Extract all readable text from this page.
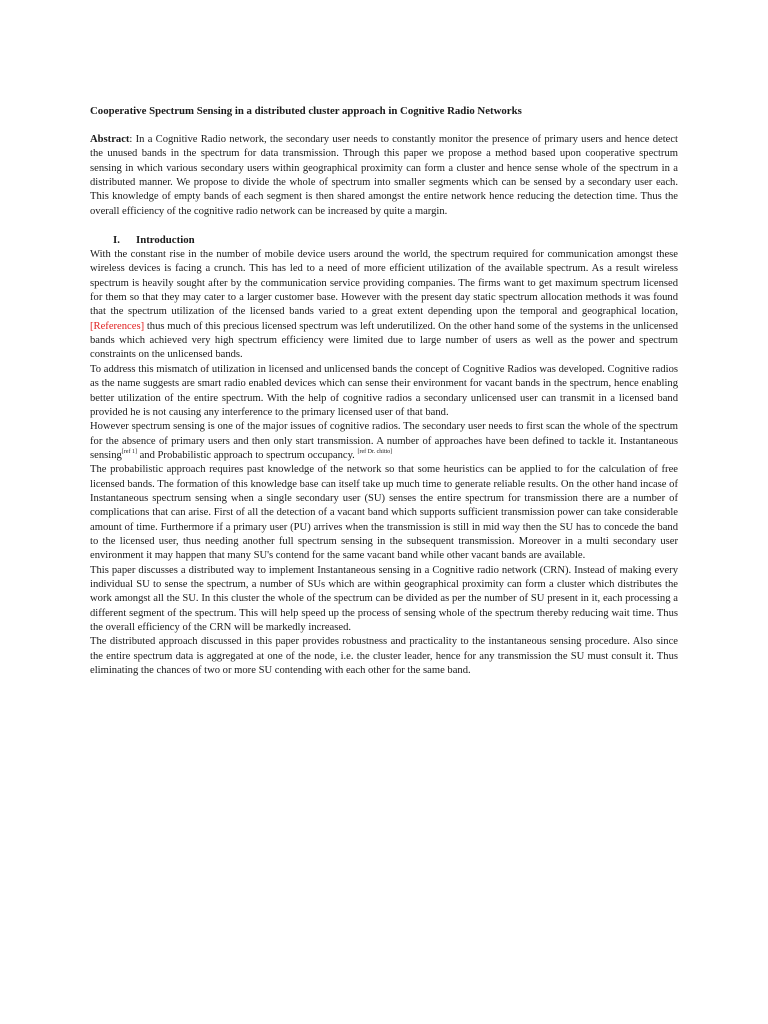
Cooperative Spectrum Sensing in a distributed cluster approach in Cognitive Radio Networks

Abstract: In a Cognitive Radio network, the secondary user needs to constantly monitor the presence of primary users and hence detect the unused bands in the spectrum for data transmission. Through this paper we propose a method based upon cooperative spectrum sensing in which various secondary users within geographical proximity can form a cluster and hence sense whole of the spectrum in a distributed manner. We propose to divide the whole of spectrum into smaller segments which can be sensed by a secondary user each. This knowledge of empty bands of each segment is then shared amongst the entire network hence reducing the detection time. Thus the overall efficiency of the cognitive radio network can be increased by quite a margin.

I. Introduction

With the constant rise in the number of mobile device users around the world, the spectrum required for communication amongst these wireless devices is facing a crunch. This has led to a need of more efficient utilization of the available spectrum. As a result wireless spectrum is heavily sought after by the communication service providing companies. The firms want to get maximum spectrum licensed for them so that they may cater to a larger customer base. However with the present day static spectrum allocation methods it was found that the spectrum utilization of the licensed bands varied to a great extent depending upon the temporal and geographical location, [References] thus much of this precious licensed spectrum was left underutilized. On the other hand some of the systems in the unlicensed bands which achieved very high spectrum efficiency were limited due to large number of users as well as the power and spectrum constraints on the unlicensed bands.

To address this mismatch of utilization in licensed and unlicensed bands the concept of Cognitive Radios was developed. Cognitive radios as the name suggests are smart radio enabled devices which can sense their environment for vacant bands in the spectrum, hence enabling better utilization of the entire spectrum. With the help of cognitive radios a secondary unlicensed user can transmit in a licensed band provided he is not causing any interference to the primary licensed user of that band.

However spectrum sensing is one of the major issues of cognitive radios. The secondary user needs to first scan the whole of the spectrum for the absence of primary users and then only start transmission. A number of approaches have been defined to tackle it. Instantaneous sensing[ref 1] and Probabilistic approach to spectrum occupancy. [ref Dr. chitto]

The probabilistic approach requires past knowledge of the network so that some heuristics can be applied to for the calculation of free licensed bands. The formation of this knowledge base can itself take up much time to generate reliable results. On the other hand incase of Instantaneous spectrum sensing when a single secondary user (SU) senses the entire spectrum for transmission there are a number of complications that can arise. First of all the detection of a vacant band which supports sufficient transmission power can take considerable amount of time. Furthermore if a primary user (PU) arrives when the transmission is still in mid way then the SU has to concede the band to the licensed user, thus needing another full spectrum sensing in the subsequent transmission. Moreover in a multi secondary user environment it may happen that many SU's contend for the same vacant band while other vacant bands are available.

This paper discusses a distributed way to implement Instantaneous sensing in a Cognitive radio network (CRN). Instead of making every individual SU to sense the spectrum, a number of SUs which are within geographical proximity can form a cluster which distributes the work amongst all the SU. In this cluster the whole of the spectrum can be divided as per the number of SU present in it, each processing a different segment of the spectrum. This will help speed up the process of sensing whole of the spectrum thereby reducing wait time. Thus the overall efficiency of the CRN will be markedly increased.

The distributed approach discussed in this paper provides robustness and practicality to the instantaneous sensing procedure. Also since the entire spectrum data is aggregated at one of the node, i.e. the cluster leader, hence for any transmission the SU must consult it. Thus eliminating the chances of two or more SU contending with each other for the same band.
